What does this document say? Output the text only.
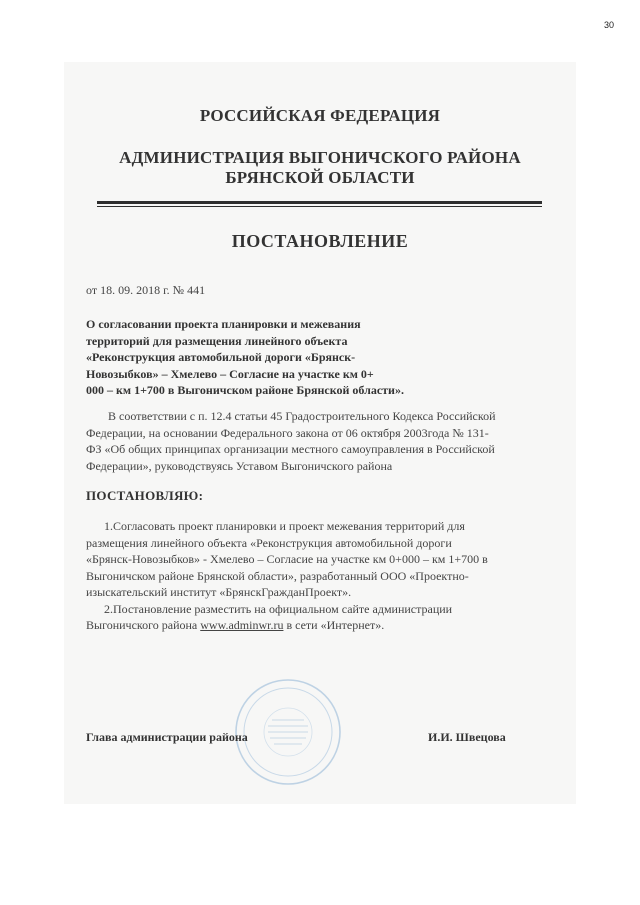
30
РОССИЙСКАЯ ФЕДЕРАЦИЯ
АДМИНИСТРАЦИЯ ВЫГОНИЧСКОГО РАЙОНА
БРЯНСКОЙ ОБЛАСТИ
ПОСТАНОВЛЕНИЕ
от 18. 09. 2018 г. № 441
О согласовании проекта планировки и межевания
территорий для размещения линейного объекта
«Реконструкция автомобильной дороги «Брянск-
Новозыбков» – Хмелево – Согласие на участке км 0+
000 – км 1+700 в Выгоничском районе Брянской области».
В соответствии с п. 12.4 статьи 45 Градостроительного Кодекса Российской
Федерации, на основании Федерального закона от 06 октября 2003года № 131-
ФЗ «Об общих принципах организации местного самоуправления в Российской
Федерации», руководствуясь Уставом Выгоничского района
ПОСТАНОВЛЯЮ:
1.Согласовать проект планировки и проект межевания территорий для
размещения линейного объекта «Реконструкция автомобильной дороги
«Брянск-Новозыбков» - Хмелево – Согласие на участке км 0+000 – км 1+700 в
Выгоничском районе Брянской области», разработанный ООО «Проектно-
изыскательский институт «БрянскГражданПроект».
2.Постановление разместить на официальном сайте администрации
Выгоничского района www.adminwr.ru в сети «Интернет».
Глава администрации района	И.И. Швецова
